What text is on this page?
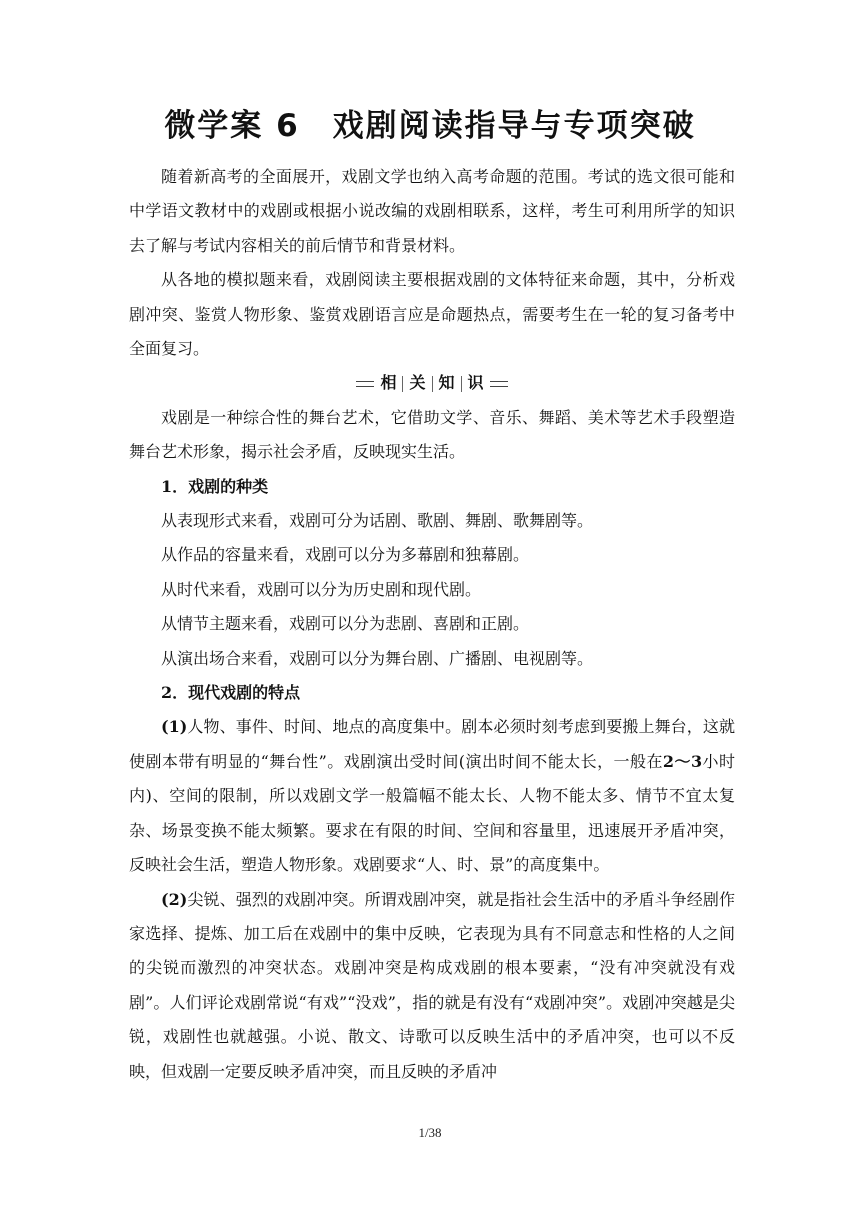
微学案 6　戏剧阅读指导与专项突破

随着新高考的全面展开，戏剧文学也纳入高考命题的范围。考试的选文很可能和中学语文教材中的戏剧或根据小说改编的戏剧相联系，这样，考生可利用所学的知识去了解与考试内容相关的前后情节和背景材料。

从各地的模拟题来看，戏剧阅读主要根据戏剧的文体特征来命题，其中，分析戏剧冲突、鉴赏人物形象、鉴赏戏剧语言应是命题热点，需要考生在一轮的复习备考中全面复习。

相 关 知 识

戏剧是一种综合性的舞台艺术，它借助文学、音乐、舞蹈、美术等艺术手段塑造舞台艺术形象，揭示社会矛盾，反映现实生活。

1．戏剧的种类

从表现形式来看，戏剧可分为话剧、歌剧、舞剧、歌舞剧等。

从作品的容量来看，戏剧可以分为多幕剧和独幕剧。

从时代来看，戏剧可以分为历史剧和现代剧。

从情节主题来看，戏剧可以分为悲剧、喜剧和正剧。

从演出场合来看，戏剧可以分为舞台剧、广播剧、电视剧等。

2．现代戏剧的特点

(1)人物、事件、时间、地点的高度集中。剧本必须时刻考虑到要搬上舞台，这就使剧本带有明显的“舞台性”。戏剧演出受时间(演出时间不能太长，一般在2～3小时内)、空间的限制，所以戏剧文学一般篇幅不能太长、人物不能太多、情节不宜太复杂、场景变换不能太频繁。要求在有限的时间、空间和容量里，迅速展开矛盾冲突，反映社会生活，塑造人物形象。戏剧要求“人、时、景”的高度集中。

(2)尖锐、强烈的戏剧冲突。所谓戏剧冲突，就是指社会生活中的矛盾斗争经剧作家选择、提炼、加工后在戏剧中的集中反映，它表现为具有不同意志和性格的人之间的尖锐而激烈的冲突状态。戏剧冲突是构成戏剧的根本要素，“没有冲突就没有戏剧”。人们评论戏剧常说“有戏”“没戏”，指的就是有没有“戏剧冲突”。戏剧冲突越是尖锐，戏剧性也就越强。小说、散文、诗歌可以反映生活中的矛盾冲突，也可以不反映，但戏剧一定要反映矛盾冲突，而且反映的矛盾冲

1/38
